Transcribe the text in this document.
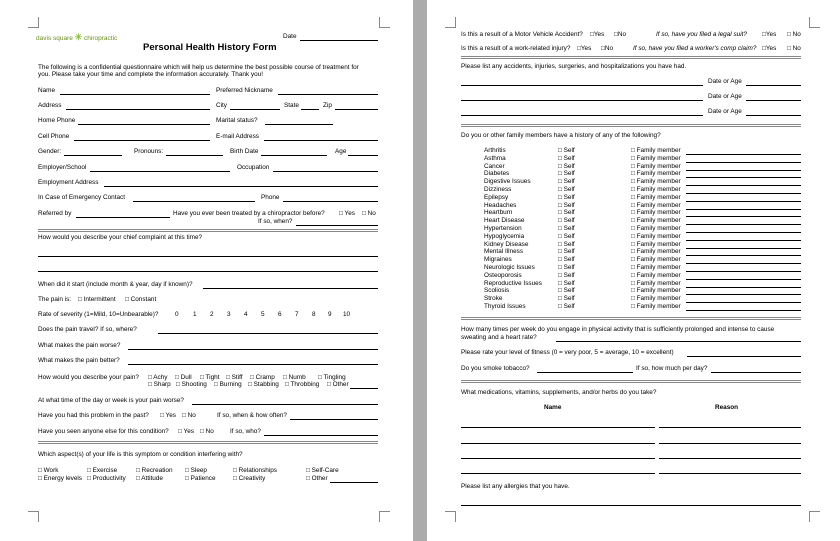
davis square ✳ chiropractic	Date
Personal Health History Form
The following is a confidential questionnaire which will help us determine the best possible course of treatment for
you. Please take your time and complete the information accurately. Thank you!
Name	Preferred Nickname
Address	City	State	Zip
Home Phone	Marital status?
Cell Phone	E-mail Address
Gender:	Pronouns:	Birth Date	Age
Employer/School	Occupation
Employment Address
In Case of Emergency Contact	Phone
Referred by	Have you ever been treated by a chiropractor before? □ Yes □ No
If so, when?
How would you describe your chief complaint at this time?
When did it start (include month & year, day if known)?
The pain is: □ Intermittent □ Constant
Rate of severity (1=Mild, 10=Unbearable)?	0 1 2 3 4 5 6 7 8 9 10
Does the pain travel? If so, where?
What makes the pain worse?
What makes the pain better?
How would you describe your pain? □ Achy □ Dull □ Tight □ Stiff □ Cramp □ Numb □ Tingling
□ Sharp □ Shooting □ Burning □ Stabbing □ Throbbing □ Other
At what time of the day or week is your pain worse?
Have you had this problem in the past? □ Yes □ No	If so, when & how often?
Have you seen anyone else for this condition? □ Yes □ No	If so, who?
Which aspect(s) of your life is this symptom or condition interfering with?
□ Work	□ Exercise	□ Recreation □ Sleep	□ Relationships	□ Self-Care
□ Energy levels □ Productivity □ Attitude	□ Patience	□ Creativity	□ Other
Is this a result of a Motor Vehicle Accident? □Yes □No	If so, have you filed a legal suit? □Yes □ No
Is this a result of a work-related injury? □Yes □No	If so, have you filed a worker's comp claim? □Yes □ No
Please list any accidents, injuries, surgeries, and hospitalizations you have had.
Date or Age
Date or Age
Date or Age
Do you or other family members have a history of any of the following?
Arthritis	□ Self	□ Family member
Asthma	□ Self	□ Family member
Cancer	□ Self	□ Family member
Diabetes	□ Self	□ Family member
Digestive Issues	□ Self	□ Family member
Dizziness	□ Self	□ Family member
Epilepsy	□ Self	□ Family member
Headaches	□ Self	□ Family member
Heartburn	□ Self	□ Family member
Heart Disease	□ Self	□ Family member
Hypertension	□ Self	□ Family member
Hypoglycemia	□ Self	□ Family member
Kidney Disease	□ Self	□ Family member
Mental Illness	□ Self	□ Family member
Migraines	□ Self	□ Family member
Neurologic Issues	□ Self	□ Family member
Osteoporosis	□ Self	□ Family member
Reproductive Issues	□ Self	□ Family member
Scoliosis	□ Self	□ Family member
Stroke	□ Self	□ Family member
Thyroid Issues	□ Self	□ Family member
How many times per week do you engage in physical activity that is sufficiently prolonged and intense to cause
sweating and a heart rate?
Please rate your level of fitness (0 = very poor, 5 = average, 10 = excellent)
Do you smoke tobacco?	If so, how much per day?
What medications, vitamins, supplements, and/or herbs do you take?
Name	Reason
Please list any allergies that you have.
